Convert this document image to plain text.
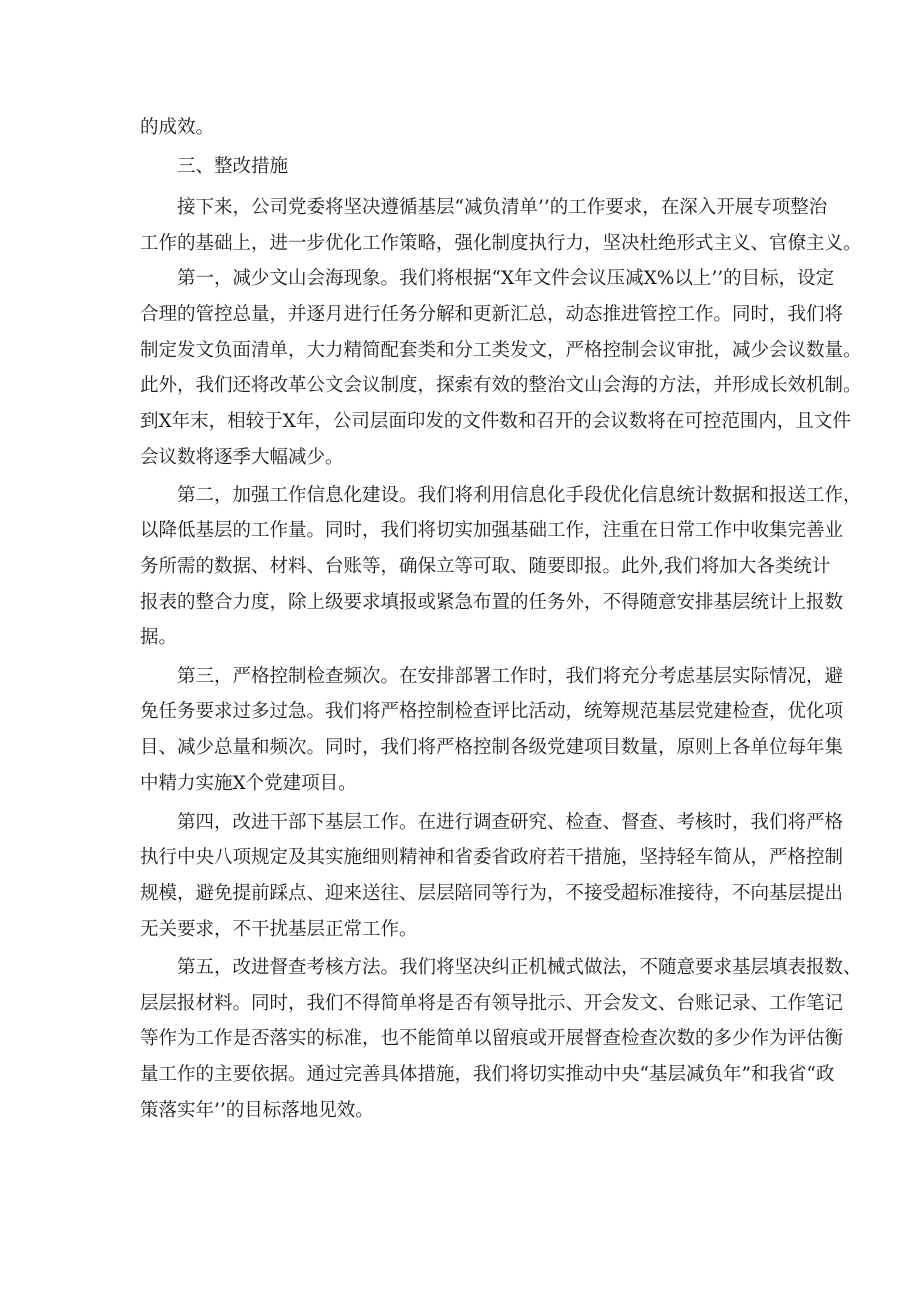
的成效。
三、整改措施
接下来，公司党委将坚决遵循基层“减负清单’’的工作要求，在深入开展专项整治
工作的基础上，进一步优化工作策略，强化制度执行力，坚决杜绝形式主义、官僚主义。
第一，减少文山会海现象。我们将根据“X年文件会议压减X%以上’’的目标，设定
合理的管控总量，并逐月进行任务分解和更新汇总，动态推进管控工作。同时，我们将
制定发文负面清单，大力精简配套类和分工类发文，严格控制会议审批，减少会议数量。
此外，我们还将改革公文会议制度，探索有效的整治文山会海的方法，并形成长效机制。
到X年末，相较于X年，公司层面印发的文件数和召开的会议数将在可控范围内，且文件
会议数将逐季大幅减少。
第二，加强工作信息化建设。我们将利用信息化手段优化信息统计数据和报送工作，
以降低基层的工作量。同时，我们将切实加强基础工作，注重在日常工作中收集完善业
务所需的数据、材料、台账等，确保立等可取、随要即报。此外,我们将加大各类统计
报表的整合力度，除上级要求填报或紧急布置的任务外，不得随意安排基层统计上报数
据。
第三，严格控制检查频次。在安排部署工作时，我们将充分考虑基层实际情况，避
免任务要求过多过急。我们将严格控制检查评比活动，统筹规范基层党建检查，优化项
目、减少总量和频次。同时，我们将严格控制各级党建项目数量，原则上各单位每年集
中精力实施X个党建项目。
第四，改进干部下基层工作。在进行调查研究、检查、督查、考核时，我们将严格
执行中央八项规定及其实施细则精神和省委省政府若干措施，坚持轻车简从，严格控制
规模，避免提前踩点、迎来送往、层层陪同等行为，不接受超标准接待，不向基层提出
无关要求，不干扰基层正常工作。
第五，改进督查考核方法。我们将坚决纠正机械式做法，不随意要求基层填表报数、
层层报材料。同时，我们不得简单将是否有领导批示、开会发文、台账记录、工作笔记
等作为工作是否落实的标准，也不能简单以留痕或开展督查检查次数的多少作为评估衡
量工作的主要依据。通过完善具体措施，我们将切实推动中央“基层减负年”和我省“政
策落实年’’的目标落地见效。
